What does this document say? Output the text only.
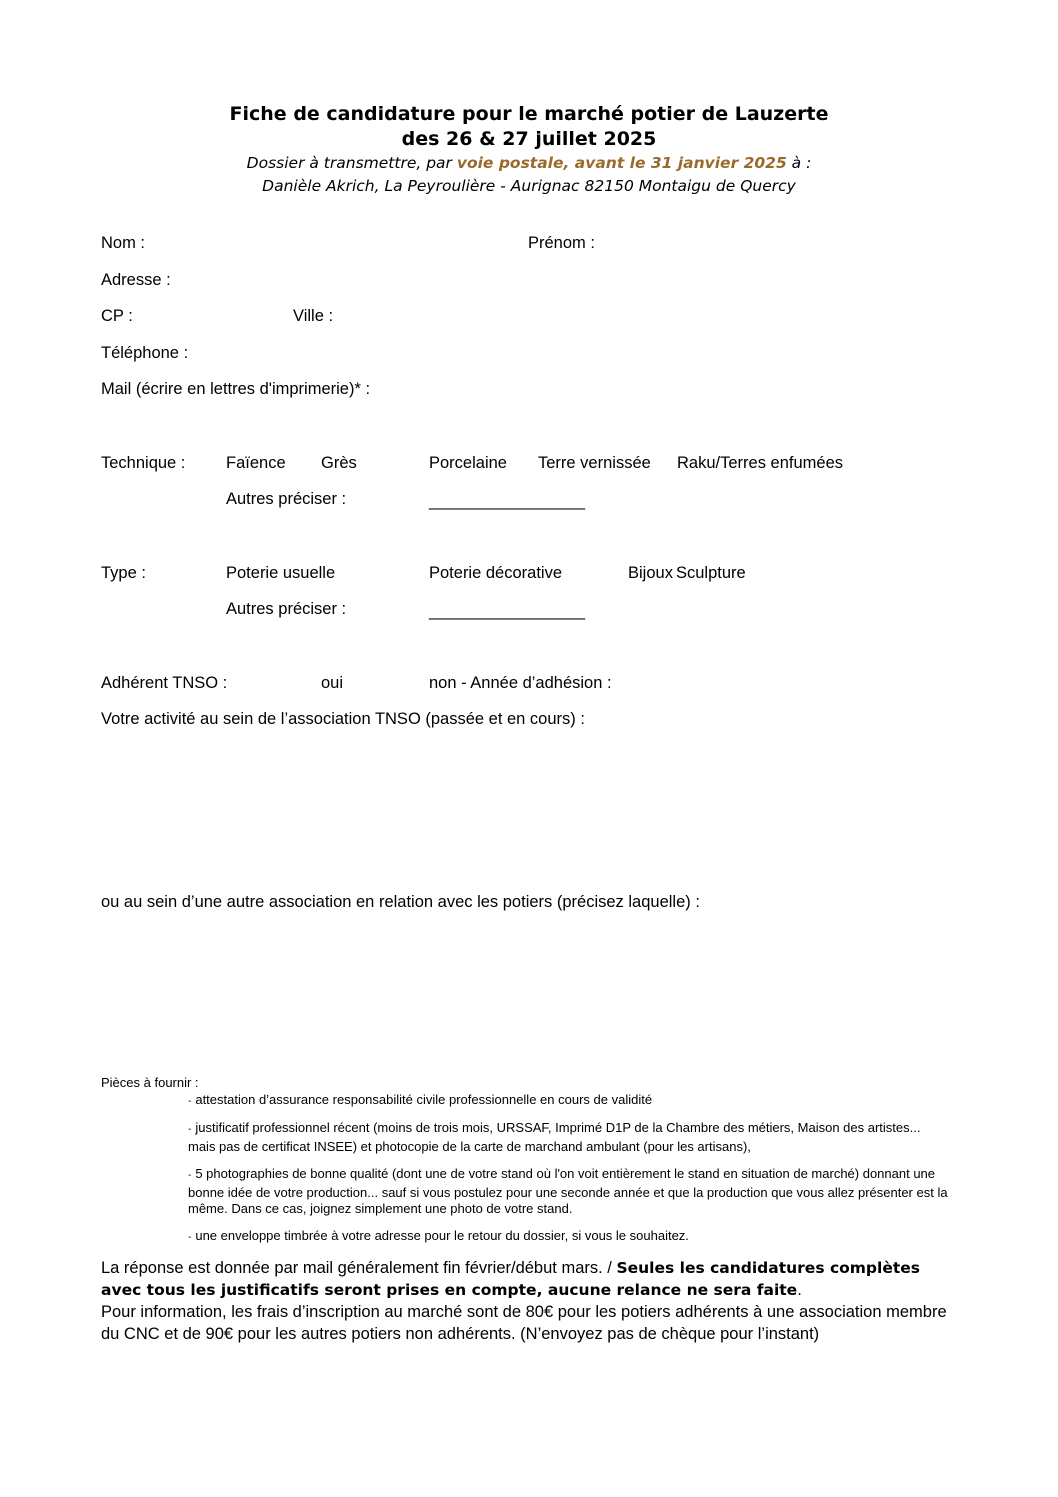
Fiche de candidature pour le marché potier de Lauzerte
des 26 & 27 juillet 2025
Dossier à transmettre, par voie postale, avant le 31 janvier 2025 à :
Danièle Akrich, La Peyroulière - Aurignac 82150 Montaigu de Quercy
Nom :	Prénom :
Adresse :
CP :	Ville :
Téléphone :
Mail (écrire en lettres d'imprimerie)* :
Technique : Faïence Grès	Porcelaine Terre vernissée Raku/Terres enfumées
Autres préciser :	_________________
Type :	Poterie usuelle	Poterie décorative	Bijoux Sculpture
Autres préciser :	_________________
Adhérent TNSO :	oui	non - Année d’adhésion :
Votre activité au sein de l’association TNSO (passée et en cours) :
ou au sein d’une autre association en relation avec les potiers (précisez laquelle) :
Pièces à fournir :
- attestation d’assurance responsabilité civile professionnelle en cours de validité
- justificatif professionnel récent (moins de trois mois, URSSAF, Imprimé D1P de la Chambre des métiers, Maison des artistes... mais pas de certificat INSEE) et photocopie de la carte de marchand ambulant (pour les artisans),
- 5 photographies de bonne qualité (dont une de votre stand où l'on voit entièrement le stand en situation de marché) donnant une bonne idée de votre production... sauf si vous postulez pour une seconde année et que la production que vous allez présenter est la même. Dans ce cas, joignez simplement une photo de votre stand.
- une enveloppe timbrée à votre adresse pour le retour du dossier, si vous le souhaitez.
La réponse est donnée par mail généralement fin février/début mars. / Seules les candidatures complètes avec tous les justificatifs seront prises en compte, aucune relance ne sera faite.
Pour information, les frais d’inscription au marché sont de 80€ pour les potiers adhérents à une association membre du CNC et de 90€ pour les autres potiers non adhérents. (N’envoyez pas de chèque pour l’instant)
